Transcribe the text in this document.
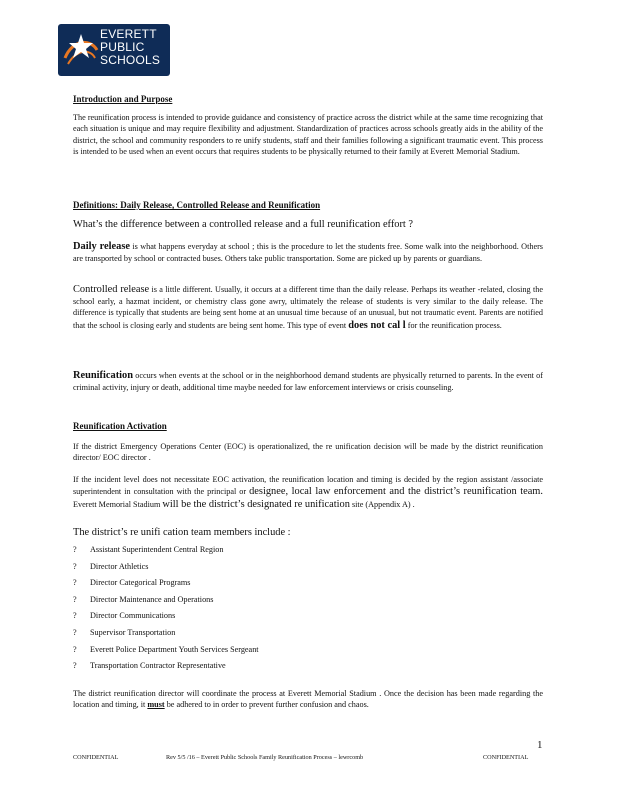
EVERETT
PUBLIC
SCHOOLS
Introduction and Purpose
The reunification process is intended to provide guidance and consistency of practice across the district while at the same time recognizing that each situation is unique and may require flexibility and adjustment. Standardization of practices across schools greatly aids in the ability of the district, the school and community responders to re unify students, staff and their families following a significant traumatic event. This process is intended to be used when an event occurs that requires students to be physically returned to their family at Everett Memorial Stadium.
Definitions: Daily Release, Controlled Release and Reunification
What’s the difference between a controlled release and a full reunification effort ?
Daily release is what happens everyday at school ; this is the procedure to let the students free. Some walk into the neighborhood. Others are transported by school or contracted buses. Others take public transportation. Some are picked up by parents or guardians.
Controlled release is a little different. Usually, it occurs at a different time than the daily release. Perhaps its weather -related, closing the school early, a hazmat incident, or chemistry class gone awry, ultimately the release of students is very similar to the daily release. The difference is typically that students are being sent home at an unusual time because of an unusual, but not traumatic event. Parents are notified that the school is closing early and students are being sent home. This type of event does not cal l for the reunification process.
Reunification occurs when events at the school or in the neighborhood demand students are physically returned to parents. In the event of criminal activity, injury or death, additional time maybe needed for law enforcement interviews or crisis counseling.
Reunification Activation
If the district Emergency Operations Center (EOC) is operationalized, the re unification decision will be made by the district reunification director/ EOC director .
If the incident level does not necessitate EOC activation, the reunification location and timing is decided by the region assistant /associate superintendent in consultation with the principal or designee, local law enforcement and the district’s reunification team. Everett Memorial Stadium will be the district’s designated re unification site (Appendix A) .
The district’s re unifi cation team members include :
? Assistant Superintendent Central Region
? Director Athletics
? Director Categorical Programs
? Director Maintenance and Operations
? Director Communications
? Supervisor Transportation
? Everett Police Department Youth Services Sergeant
? Transportation Contractor Representative
The district reunification director will coordinate the process at Everett Memorial Stadium . Once the decision has been made regarding the location and timing, it must be adhered to in order to prevent further confusion and chaos.
1
CONFIDENTIAL	Rev 5/5 /16 – Everett Public Schools Family Reunification Process – lewrcomb	CONFIDENTIAL
